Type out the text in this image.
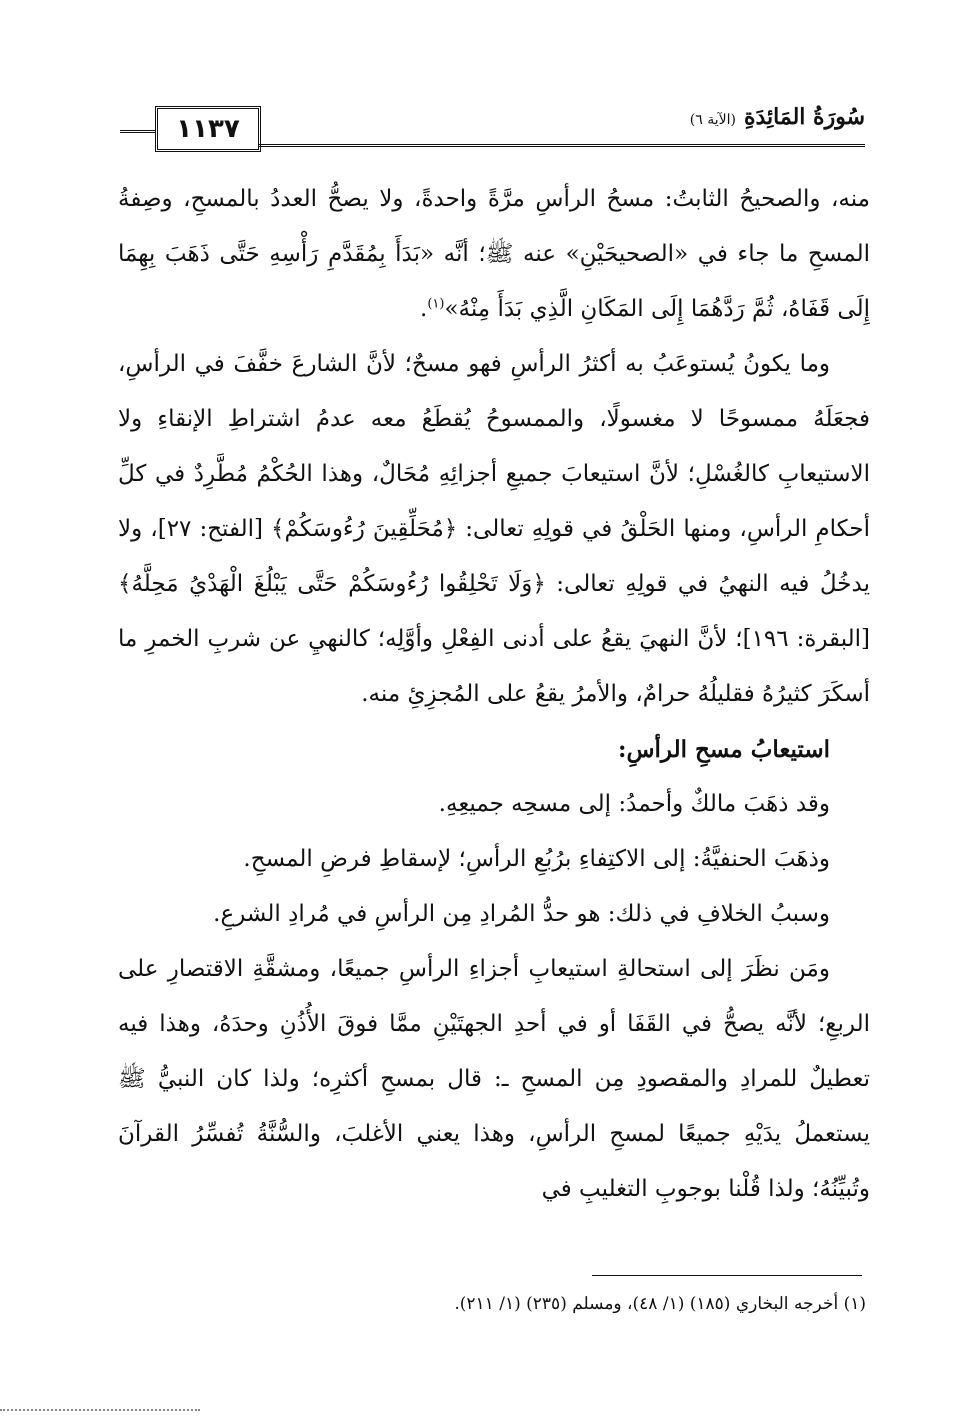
١١٣٧	سُورَةُ المَائِدَةِ(الآية ٦)

منه، والصحيحُ الثابتُ: مسحُ الرأسِ مرَّةً واحدةً، ولا يصحُّ العددُ بالمسحِ، وصِفةُ المسحِ ما جاء في «الصحيحَيْنِ» عنه ﷺ؛ أنَّه «بَدَأَ بِمُقَدَّمِ رَأْسِهِ حَتَّى ذَهَبَ بِهِمَا إِلَى قَفَاهُ، ثُمَّ رَدَّهُمَا إِلَى المَكَانِ الَّذِي بَدَأَ مِنْهُ»$^{(١)}$.

وما يكونُ يُستوعَبُ به أكثرُ الرأسِ فهو مسحٌ؛ لأنَّ الشارعَ خفَّفَ في الرأسِ، فجعَلَهُ ممسوحًا لا مغسولًا، والممسوحُ يُقطَعُ معه عدمُ اشتراطِ الإنقاءِ ولا الاستيعابِ كالغُسْلِ؛ لأنَّ استيعابَ جميعِ أجزائِهِ مُحَالٌ، وهذا الحُكْمُ مُطَّرِدٌ في كلِّ أحكامِ الرأسِ، ومنها الحَلْقُ في قولِهِ تعالى: ﴿مُحَلِّقِينَ رُءُوسَكُمْ﴾ [الفتح: ٢٧]، ولا يدخُلُ فيه النهيُ في قولِهِ تعالى: ﴿وَلَا تَحْلِقُوا رُءُوسَكُمْ حَتَّى يَبْلُغَ الْهَدْيُ مَحِلَّهُ﴾ [البقرة: ١٩٦]؛ لأنَّ النهيَ يقعُ على أدنى الفِعْلِ وأوَّلِه؛ كالنهيِ عن شربِ الخمرِ ما أسكَرَ كثيرُهُ فقليلُهُ حرامٌ، والأمرُ يقعُ على المُجزِئِ منه.

استيعابُ مسحِ الرأسِ:

وقد ذهَبَ مالكٌ وأحمدُ: إلى مسحِه جميعِهِ.

وذهَبَ الحنفيَّةُ: إلى الاكتِفاءِ برُبُعِ الرأسِ؛ لإسقاطِ فرضِ المسحِ.

وسببُ الخلافِ في ذلك: هو حدُّ المُرادِ مِن الرأسِ في مُرادِ الشرعِ.

ومَن نظَرَ إلى استحالةِ استيعابِ أجزاءِ الرأسِ جميعًا، ومشقَّةِ الاقتصارِ على الربعِ؛ لأنَّه يصحُّ في القَفَا أو في أحدِ الجهتَيْنِ ممَّا فوقَ الأُذُنِ وحدَهُ، وهذا فيه تعطيلٌ للمرادِ والمقصودِ مِن المسحِ ـ: قال بمسحِ أكثرِه؛ ولذا كان النبيُّ ﷺ يستعملُ يدَيْهِ جميعًا لمسحِ الرأسِ، وهذا يعني الأغلبَ، والسُّنَّةُ تُفسِّرُ القرآنَ وتُبيِّنُهُ؛ ولذا قُلْنا بوجوبِ التغليبِ في

(١) أخرجه البخاري (١٨٥) (١/ ٤٨)، ومسلم (٢٣٥) (١/ ٢١١).
